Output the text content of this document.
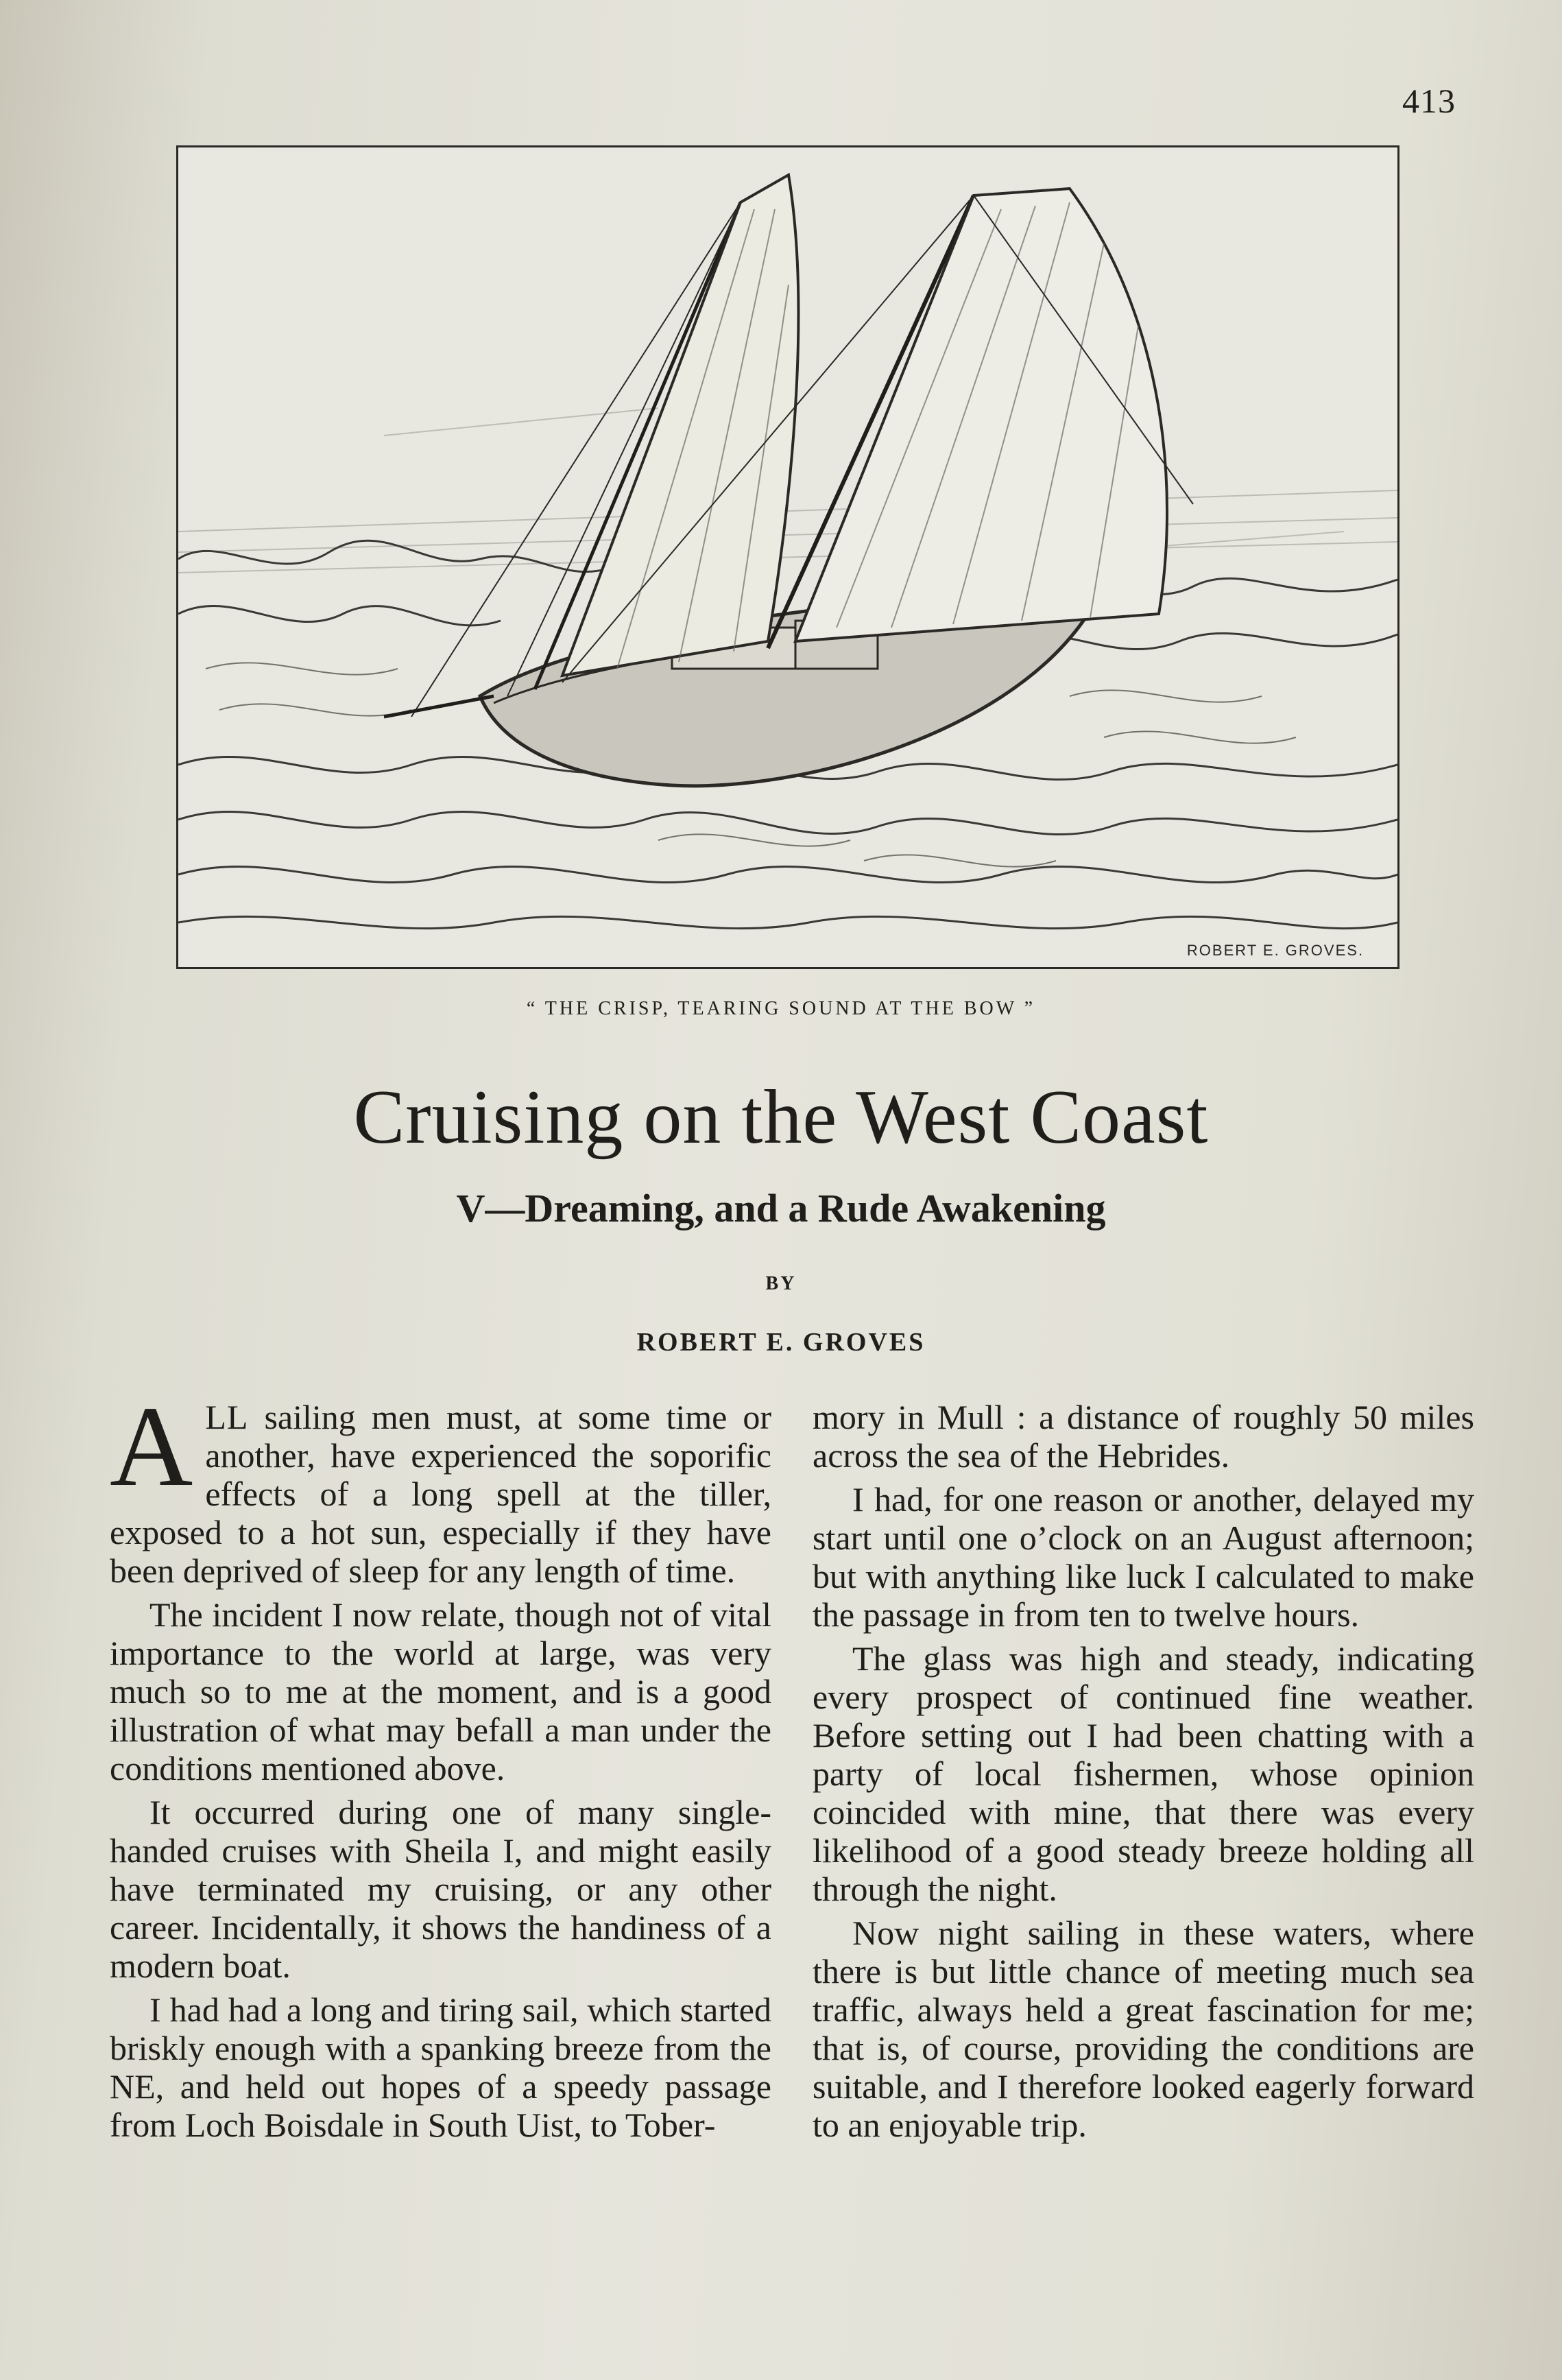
413
ROBERT E. GROVES.
“ THE CRISP, TEARING SOUND AT THE BOW ”
Cruising on the West Coast
V—Dreaming, and a Rude Awakening
BY
ROBERT E. GROVES

ALL sailing men must, at some time or another, have experienced the soporific effects of a long spell at the tiller, exposed to a hot sun, especially if they have been deprived of sleep for any length of time.

The incident I now relate, though not of vital importance to the world at large, was very much so to me at the moment, and is a good illustration of what may befall a man under the conditions mentioned above.

It occurred during one of many single-handed cruises with Sheila I, and might easily have terminated my cruising, or any other career. Incidentally, it shows the handiness of a modern boat.

I had had a long and tiring sail, which started briskly enough with a spanking breeze from the NE, and held out hopes of a speedy passage from Loch Boisdale in South Uist, to Tober-

mory in Mull : a distance of roughly 50 miles across the sea of the Hebrides.

I had, for one reason or another, delayed my start until one o’clock on an August afternoon; but with anything like luck I calculated to make the passage in from ten to twelve hours.

The glass was high and steady, indicating every prospect of continued fine weather. Before setting out I had been chatting with a party of local fishermen, whose opinion coincided with mine, that there was every likelihood of a good steady breeze holding all through the night.

Now night sailing in these waters, where there is but little chance of meeting much sea traffic, always held a great fascination for me; that is, of course, providing the conditions are suitable, and I therefore looked eagerly forward to an enjoyable trip.
